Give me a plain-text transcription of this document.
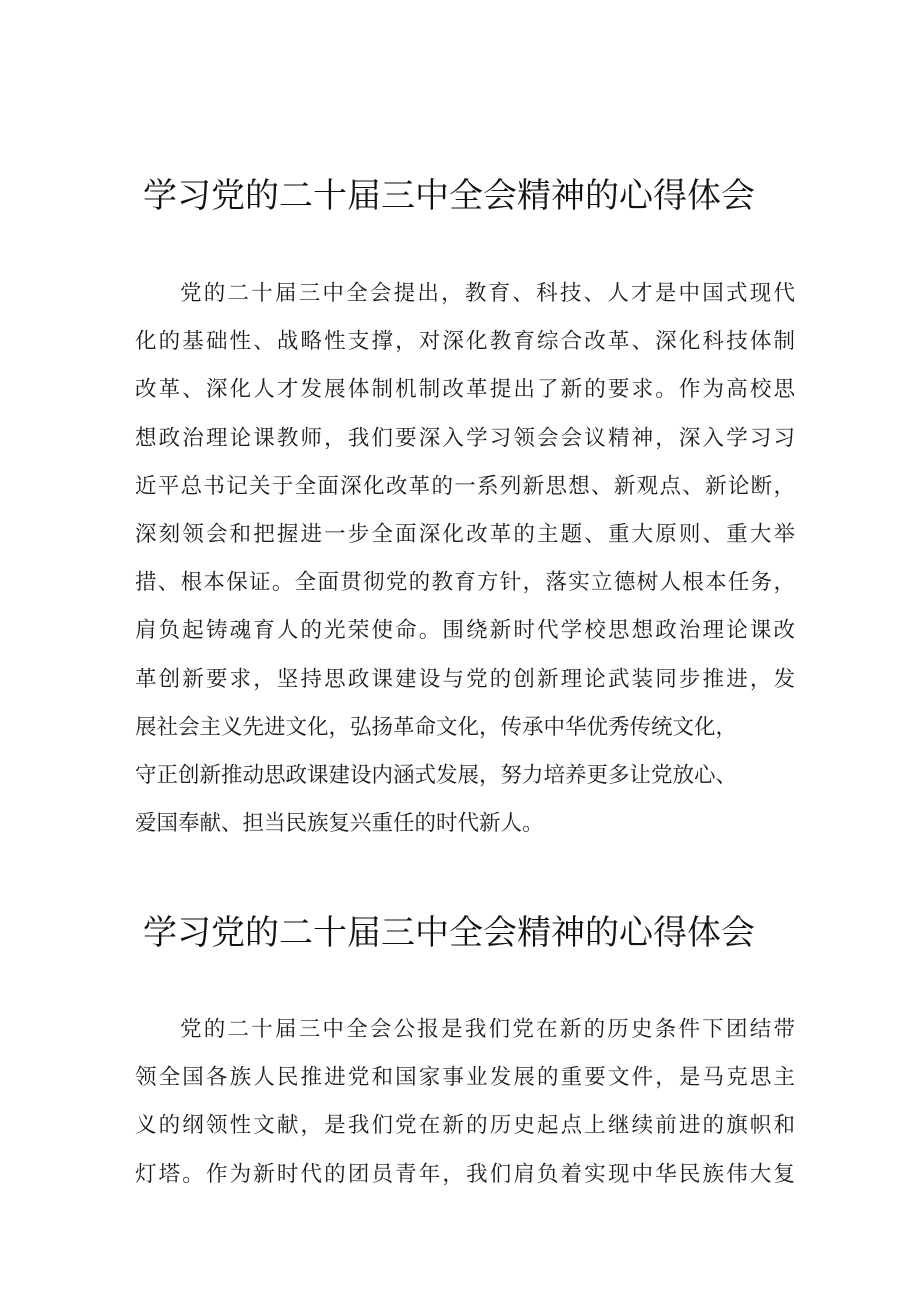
学习党的二十届三中全会精神的心得体会
党的二十届三中全会提出，教育、科技、人才是中国式现代
化的基础性、战略性支撑，对深化教育综合改革、深化科技体制
改革、深化人才发展体制机制改革提出了新的要求。作为高校思
想政治理论课教师，我们要深入学习领会会议精神，深入学习习
近平总书记关于全面深化改革的一系列新思想、新观点、新论断，
深刻领会和把握进一步全面深化改革的主题、重大原则、重大举
措、根本保证。全面贯彻党的教育方针，落实立德树人根本任务，
肩负起铸魂育人的光荣使命。围绕新时代学校思想政治理论课改
革创新要求，坚持思政课建设与党的创新理论武装同步推进，发
展社会主义先进文化，弘扬革命文化，传承中华优秀传统文化，
守正创新推动思政课建设内涵式发展，努力培养更多让党放心、
爱国奉献、担当民族复兴重任的时代新人。
学习党的二十届三中全会精神的心得体会
党的二十届三中全会公报是我们党在新的历史条件下团结带
领全国各族人民推进党和国家事业发展的重要文件，是马克思主
义的纲领性文献，是我们党在新的历史起点上继续前进的旗帜和
灯塔。作为新时代的团员青年，我们肩负着实现中华民族伟大复
